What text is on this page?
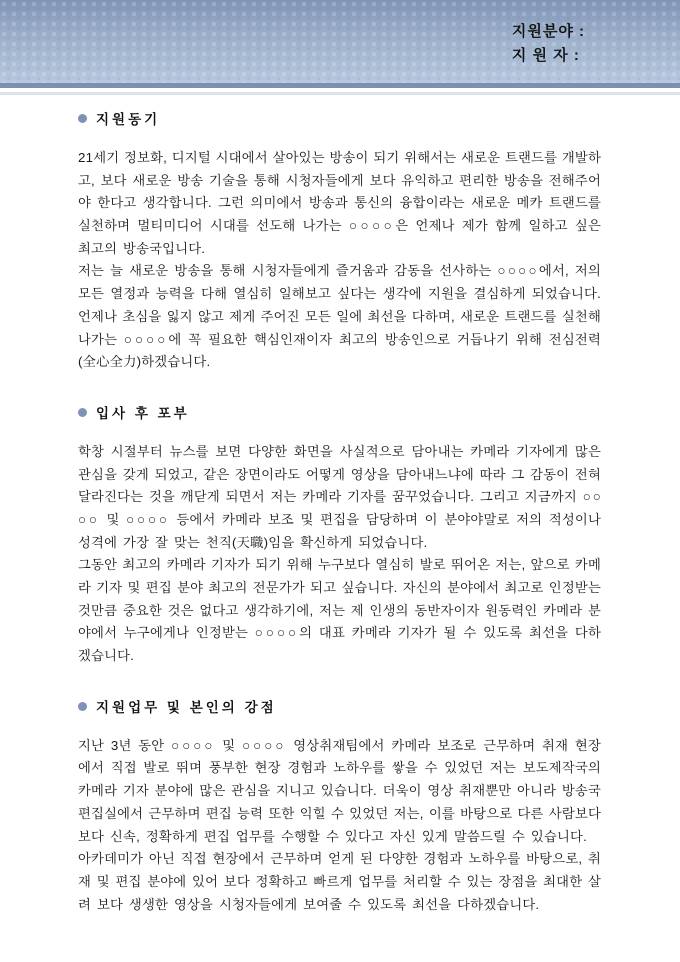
지원분야 :
지 원 자 :
지원동기
21세기 정보화, 디지털 시대에서 살아있는 방송이 되기 위해서는 새로운 트랜드를 개발하
고, 보다 새로운 방송 기술을 통해 시청자들에게 보다 유익하고 편리한 방송을 전해주어
야 한다고 생각합니다. 그런 의미에서 방송과 통신의 융합이라는 새로운 메카 트랜드를
실천하며 멀티미디어 시대를 선도해 나가는 ○○○○은 언제나 제가 함께 일하고 싶은
최고의 방송국입니다.
저는 늘 새로운 방송을 통해 시청자들에게 즐거움과 감동을 선사하는 ○○○○에서, 저의
모든 열정과 능력을 다해 열심히 일해보고 싶다는 생각에 지원을 결심하게 되었습니다.
언제나 초심을 잃지 않고 제게 주어진 모든 일에 최선을 다하며, 새로운 트랜드를 실천해
나가는 ○○○○에 꼭 필요한 핵심인재이자 최고의 방송인으로 거듭나기 위해 전심전력
(全心全力)하겠습니다.
입사 후 포부
학창 시절부터 뉴스를 보면 다양한 화면을 사실적으로 담아내는 카메라 기자에게 많은
관심을 갖게 되었고, 같은 장면이라도 어떻게 영상을 담아내느냐에 따라 그 감동이 전혀
달라진다는 것을 깨닫게 되면서 저는 카메라 기자를 꿈꾸었습니다. 그리고 지금까지 ○○
○○ 및 ○○○○ 등에서 카메라 보조 및 편집을 담당하며 이 분야야말로 저의 적성이나
성격에 가장 잘 맞는 천직(天職)임을 확신하게 되었습니다.
그동안 최고의 카메라 기자가 되기 위해 누구보다 열심히 발로 뛰어온 저는, 앞으로 카메
라 기자 및 편집 분야 최고의 전문가가 되고 싶습니다. 자신의 분야에서 최고로 인정받는
것만큼 중요한 것은 없다고 생각하기에, 저는 제 인생의 동반자이자 원동력인 카메라 분
야에서 누구에게나 인정받는 ○○○○의 대표 카메라 기자가 될 수 있도록 최선을 다하
겠습니다.
지원업무 및 본인의 강점
지난 3년 동안 ○○○○ 및 ○○○○ 영상취재팀에서 카메라 보조로 근무하며 취재 현장
에서 직접 발로 뛰며 풍부한 현장 경험과 노하우를 쌓을 수 있었던 저는 보도제작국의
카메라 기자 분야에 많은 관심을 지니고 있습니다. 더욱이 영상 취재뿐만 아니라 방송국
편집실에서 근무하며 편집 능력 또한 익힐 수 있었던 저는, 이를 바탕으로 다른 사람보다
보다 신속, 정확하게 편집 업무를 수행할 수 있다고 자신 있게 말씀드릴 수 있습니다.
아카데미가 아닌 직접 현장에서 근무하며 얻게 된 다양한 경험과 노하우를 바탕으로, 취
재 및 편집 분야에 있어 보다 정확하고 빠르게 업무를 처리할 수 있는 장점을 최대한 살
려 보다 생생한 영상을 시청자들에게 보여줄 수 있도록 최선을 다하겠습니다.
